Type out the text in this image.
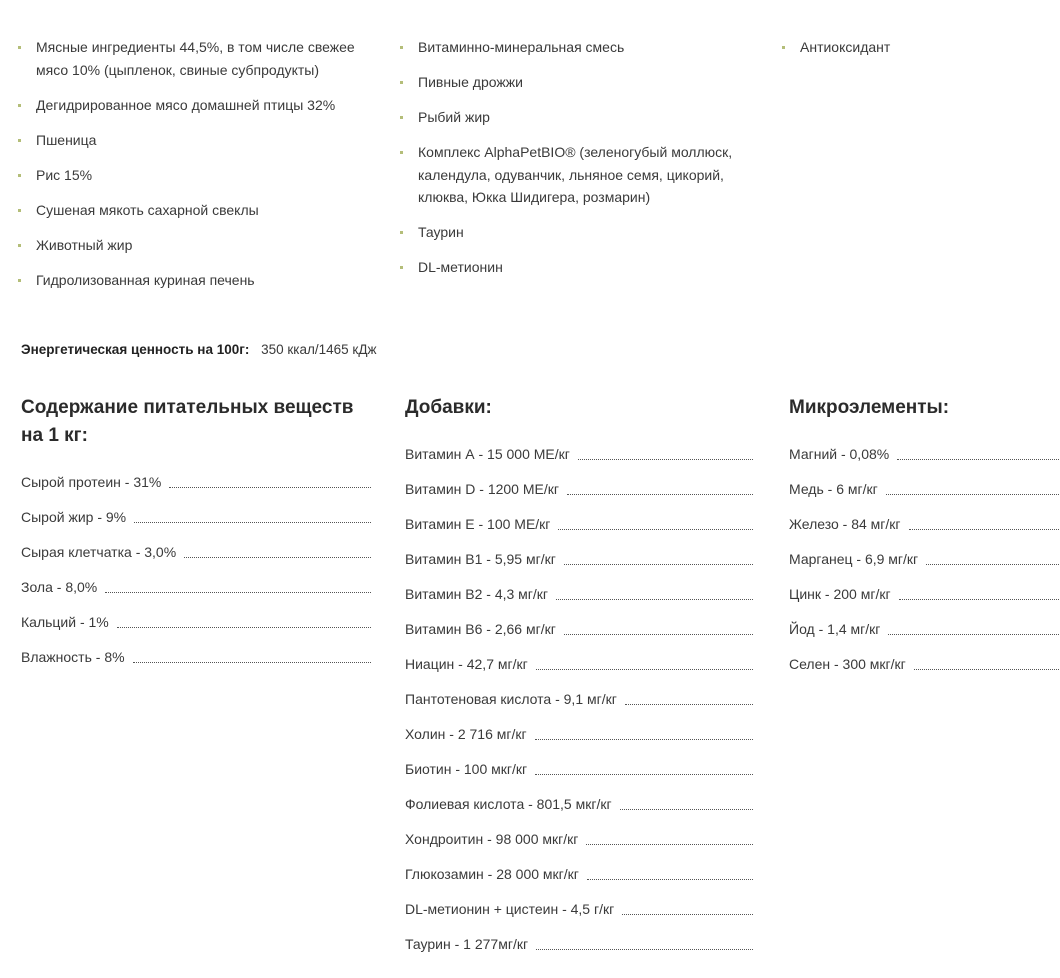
Мясные ингредиенты 44,5%, в том числе свежее мясо 10% (цыпленок, свиные субпродукты)
Дегидрированное мясо домашней птицы 32%
Пшеница
Рис 15%
Сушеная мякоть сахарной свеклы
Животный жир
Гидролизованная куриная печень
Витаминно-минеральная смесь
Пивные дрожжи
Рыбий жир
Комплекс AlphaPetBIO® (зеленогубый моллюск, календула, одуванчик, льняное семя, цикорий, клюква, Юкка Шидигера, розмарин)
Таурин
DL-метионин
Антиоксидант
Энергетическая ценность на 100г: 350 ккал/1465 кДж
Содержание питательных веществ на 1 кг:
Сырой протеин - 31%
Сырой жир - 9%
Сырая клетчатка - 3,0%
Зола - 8,0%
Кальций - 1%
Влажность - 8%
Добавки:
Витамин А - 15 000 МЕ/кг
Витамин D - 1200 МЕ/кг
Витамин Е - 100 МЕ/кг
Витамин В1 - 5,95 мг/кг
Витамин В2 - 4,3 мг/кг
Витамин В6 - 2,66 мг/кг
Ниацин - 42,7 мг/кг
Пантотеновая кислота - 9,1 мг/кг
Холин - 2 716 мг/кг
Биотин - 100 мкг/кг
Фолиевая кислота - 801,5 мкг/кг
Хондроитин - 98 000 мкг/кг
Глюкозамин - 28 000 мкг/кг
DL-метионин + цистеин - 4,5 г/кг
Таурин - 1 277мг/кг
Микроэлементы:
Магний - 0,08%
Медь - 6 мг/кг
Железо - 84 мг/кг
Марганец - 6,9 мг/кг
Цинк - 200 мг/кг
Йод - 1,4 мг/кг
Селен - 300 мкг/кг
